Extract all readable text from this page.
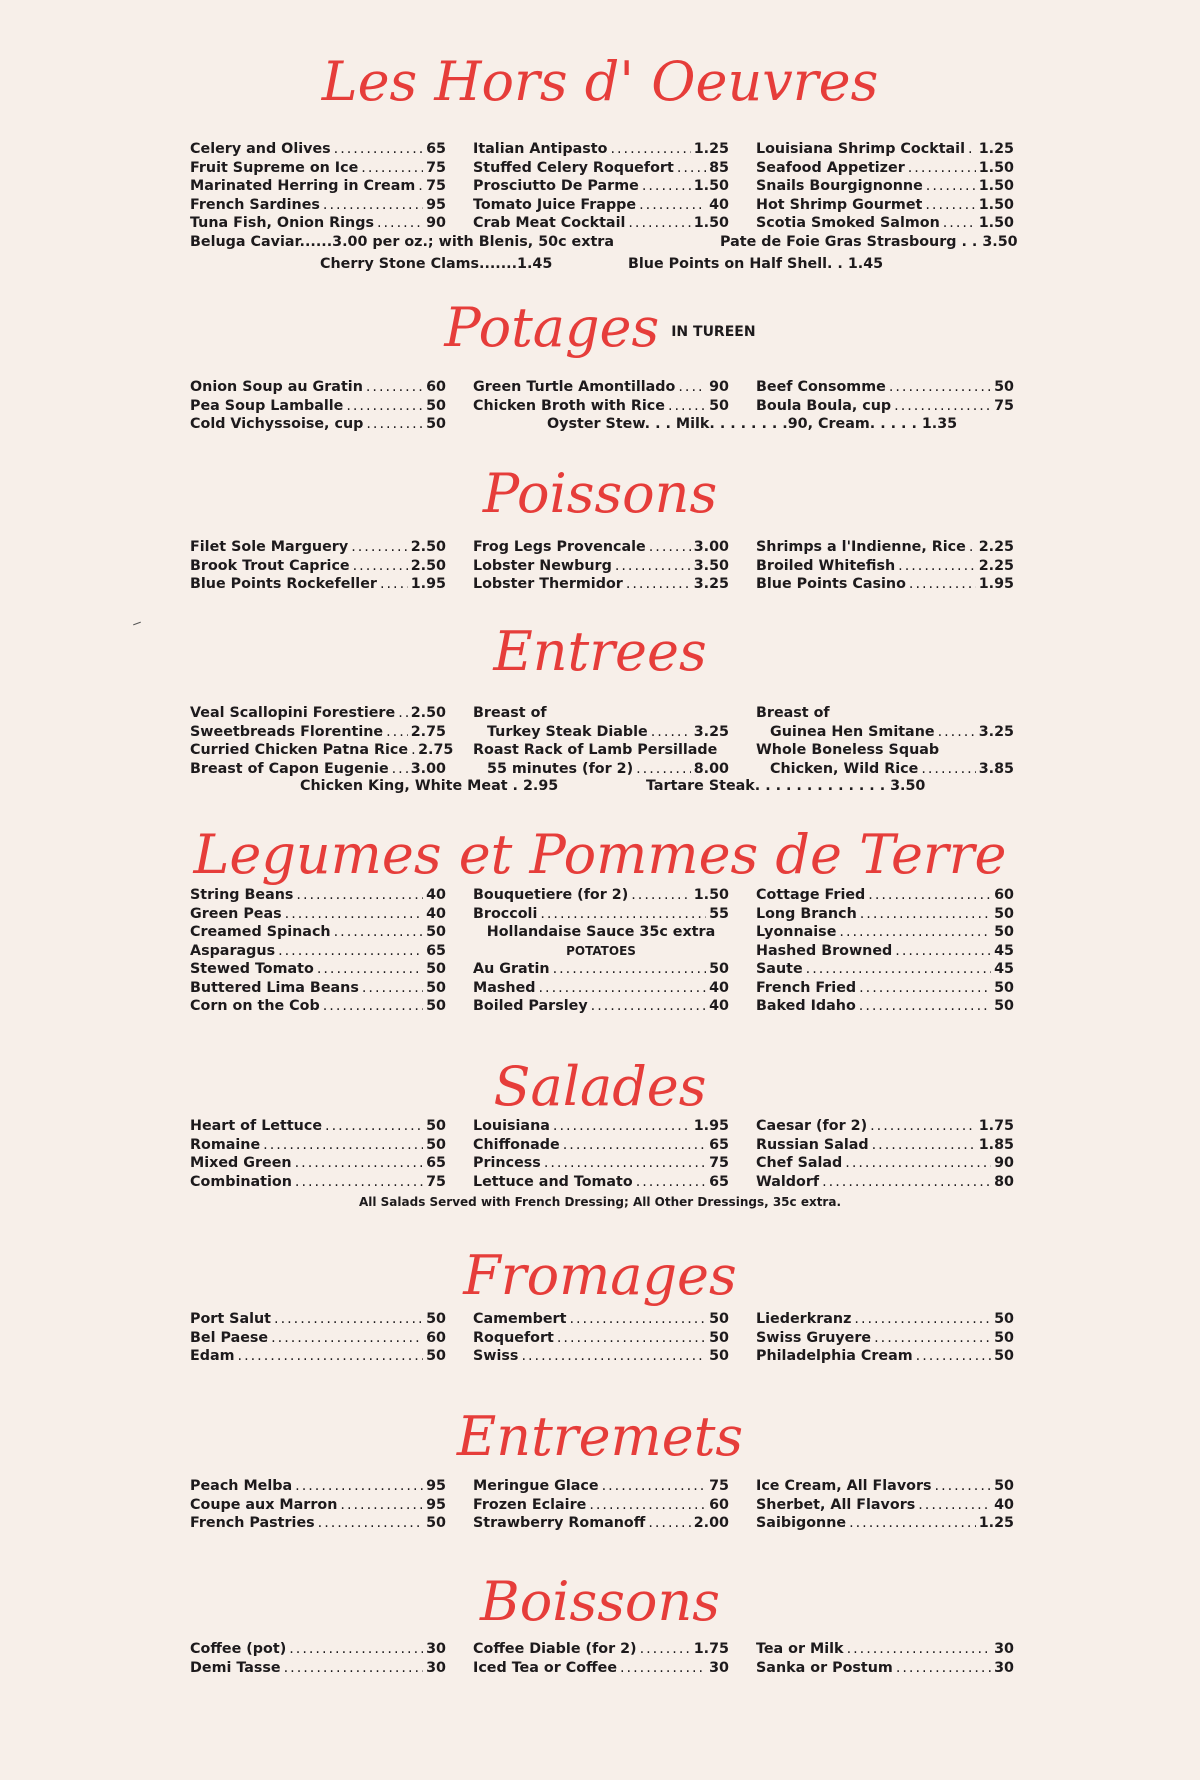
Les Hors d' Oeuvres
Celery and Olives .....	65
Fruit Supreme on Ice .....	75
Marinated Herring in Cream ..... 75
French Sardines .....	95
Tuna Fish, Onion Rings .....	90
Italian Antipasto .....	1.25
Stuffed Celery Roquefort ..... 85
Prosciutto De Parme .....	1.50
Tomato Juice Frappe .....	40
Crab Meat Cocktail .....	1.50
Louisiana Shrimp Cocktail ..... 1.25
Seafood Appetizer .....	1.50
Snails Bourgignonne .....	1.50
Hot Shrimp Gourmet .....	1.50
Scotia Smoked Salmon .....	1.50
Beluga Caviar......3.00 per oz.; with Blenis, 50c extra	Pate de Foie Gras Strasbourg . . 3.50
Cherry Stone Clams.......1.45	Blue Points on Half Shell. . 1.45
Potages IN TUREEN
Onion Soup au Gratin .....	60
Pea Soup Lamballe .....	50
Cold Vichyssoise, cup .....	50
Green Turtle Amontillado ..... 90
Chicken Broth with Rice .....	50
Beef Consomme .....	50
Boula Boula, cup .....	75
Oyster Stew. . . Milk. . . . . . . .90, Cream. . . . . 1.35
Poissons
Filet Sole Marguery .....	2.50
Brook Trout Caprice .....	2.50
Blue Points Rockefeller ..... 1.95
Frog Legs Provencale .....	3.00
Lobster Newburg .....	3.50
Lobster Thermidor .....	3.25
Shrimps a l'Indienne, Rice ..... 2.25
Broiled Whitefish .....	2.25
Blue Points Casino .....	1.95
Entrees
Veal Scallopini Forestiere ..... 2.50
Sweetbreads Florentine ..... 2.75
Curried Chicken Patna Rice ..... 2.75
Breast of Capon Eugenie ..... 3.00
Breast of
Turkey Steak Diable .....	3.25
Roast Rack of Lamb Persillade
55 minutes (for 2) .....	8.00
Breast of
Guinea Hen Smitane .....	3.25
Whole Boneless Squab
Chicken, Wild Rice .....	3.85
Chicken King, White Meat . 2.95	Tartare Steak. . . . . . . . . . . . . 3.50
Legumes et Pommes de Terre
String Beans .....	40
Green Peas .....	40
Creamed Spinach .....	50
Asparagus .....	65
Stewed Tomato .....	50
Buttered Lima Beans .....	50
Corn on the Cob .....	50
Bouquetiere (for 2) .....	1.50
Broccoli .....	55
Hollandaise Sauce 35c extra
POTATOES
Au Gratin .....	50
Mashed .....	40
Boiled Parsley .....	40
Cottage Fried .....	60
Long Branch .....	50
Lyonnaise .....	50
Hashed Browned .....	45
Saute .....	45
French Fried .....	50
Baked Idaho .....	50
Salades
Heart of Lettuce .....	50
Romaine .....	50
Mixed Green .....	65
Combination .....	75
Louisiana .....	1.95
Chiffonade .....	65
Princess .....	75
Lettuce and Tomato .....	65
Caesar (for 2) .....	1.75
Russian Salad .....	1.85
Chef Salad .....	90
Waldorf .....	80
All Salads Served with French Dressing; All Other Dressings, 35c extra.
Fromages
Port Salut .....	50
Bel Paese .....	60
Edam .....	50
Camembert .....	50
Roquefort .....	50
Swiss .....	50
Liederkranz .....	50
Swiss Gruyere .....	50
Philadelphia Cream .....	50
Entremets
Peach Melba .....	95
Coupe aux Marron .....	95
French Pastries .....	50
Meringue Glace .....	75
Frozen Eclaire .....	60
Strawberry Romanoff .....	2.00
Ice Cream, All Flavors .....	50
Sherbet, All Flavors .....	40
Saibigonne .....	1.25
Boissons
Coffee (pot) .....	30
Demi Tasse .....	30
Coffee Diable (for 2) .....	1.75
Iced Tea or Coffee .....	30
Tea or Milk .....	30
Sanka or Postum .....	30
